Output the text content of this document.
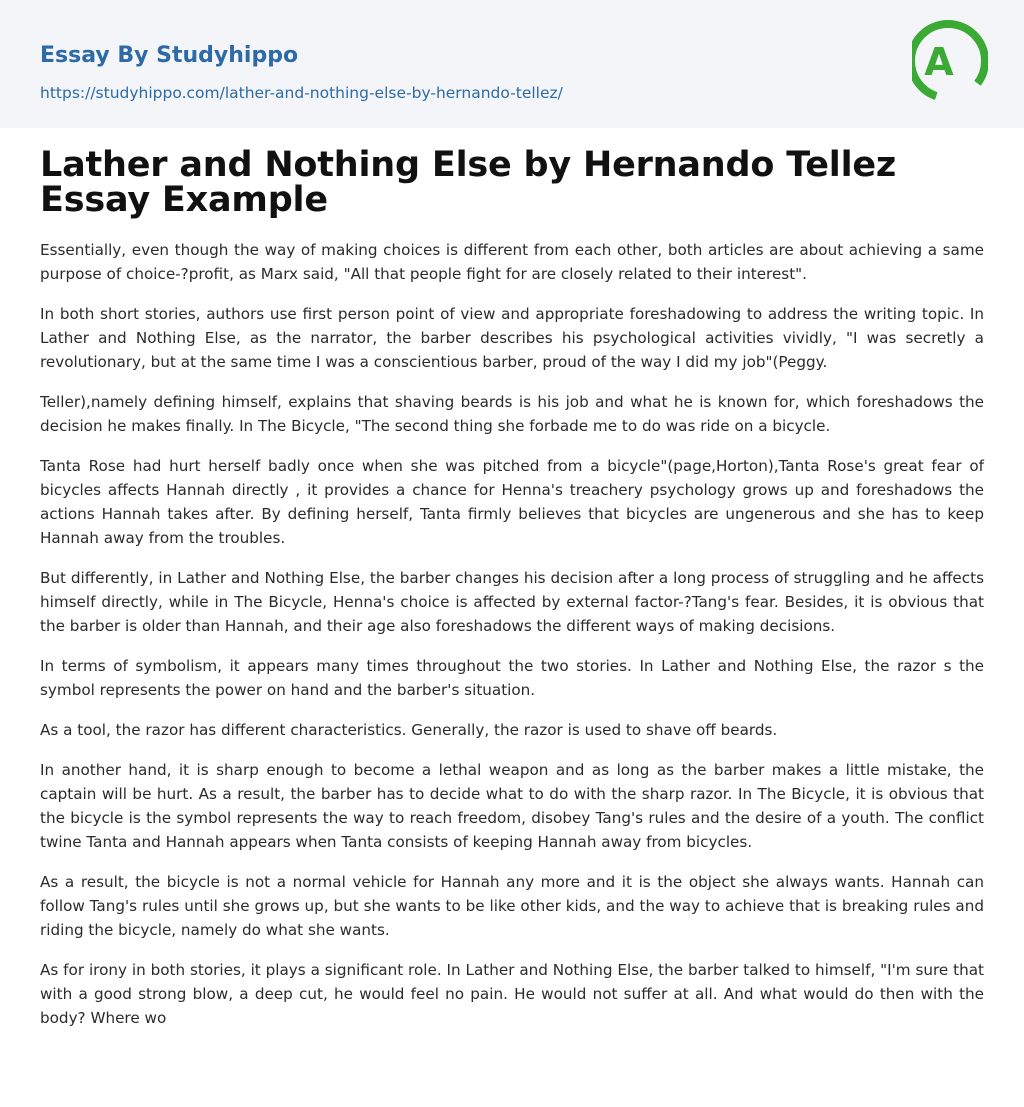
Essay By Studyhippo
https://studyhippo.com/lather-and-nothing-else-by-hernando-tellez/
A
Lather and Nothing Else by Hernando Tellez Essay Example

Essentially, even though the way of making choices is different from each other, both articles are about achieving a same purpose of choice-?profit, as Marx said, "All that people fight for are closely related to their interest".

In both short stories, authors use first person point of view and appropriate foreshadowing to address the writing topic. In Lather and Nothing Else, as the narrator, the barber describes his psychological activities vividly, "I was secretly a revolutionary, but at the same time I was a conscientious barber, proud of the way I did my job"(Peggy.

Teller),namely defining himself, explains that shaving beards is his job and what he is known for, which foreshadows the decision he makes finally. In The Bicycle, "The second thing she forbade me to do was ride on a bicycle.

Tanta Rose had hurt herself badly once when she was pitched from a bicycle"(page,Horton),Tanta Rose's great fear of bicycles affects Hannah directly , it provides a chance for Henna's treachery psychology grows up and foreshadows the actions Hannah takes after. By defining herself, Tanta firmly believes that bicycles are ungenerous and she has to keep Hannah away from the troubles.

But differently, in Lather and Nothing Else, the barber changes his decision after a long process of struggling and he affects himself directly, while in The Bicycle, Henna's choice is affected by external factor-?Tang's fear. Besides, it is obvious that the barber is older than Hannah, and their age also foreshadows the different ways of making decisions.

In terms of symbolism, it appears many times throughout the two stories. In Lather and Nothing Else, the razor s the symbol represents the power on hand and the barber's situation.

As a tool, the razor has different characteristics. Generally, the razor is used to shave off beards.

In another hand, it is sharp enough to become a lethal weapon and as long as the barber makes a little mistake, the captain will be hurt. As a result, the barber has to decide what to do with the sharp razor. In The Bicycle, it is obvious that the bicycle is the symbol represents the way to reach freedom, disobey Tang's rules and the desire of a youth. The conflict twine Tanta and Hannah appears when Tanta consists of keeping Hannah away from bicycles.

As a result, the bicycle is not a normal vehicle for Hannah any more and it is the object she always wants. Hannah can follow Tang's rules until she grows up, but she wants to be like other kids, and the way to achieve that is breaking rules and riding the bicycle, namely do what she wants.

As for irony in both stories, it plays a significant role. In Lather and Nothing Else, the barber talked to himself, "I'm sure that with a good strong blow, a deep cut, he would feel no pain. He would not suffer at all. And what would do then with the body? Where wo
